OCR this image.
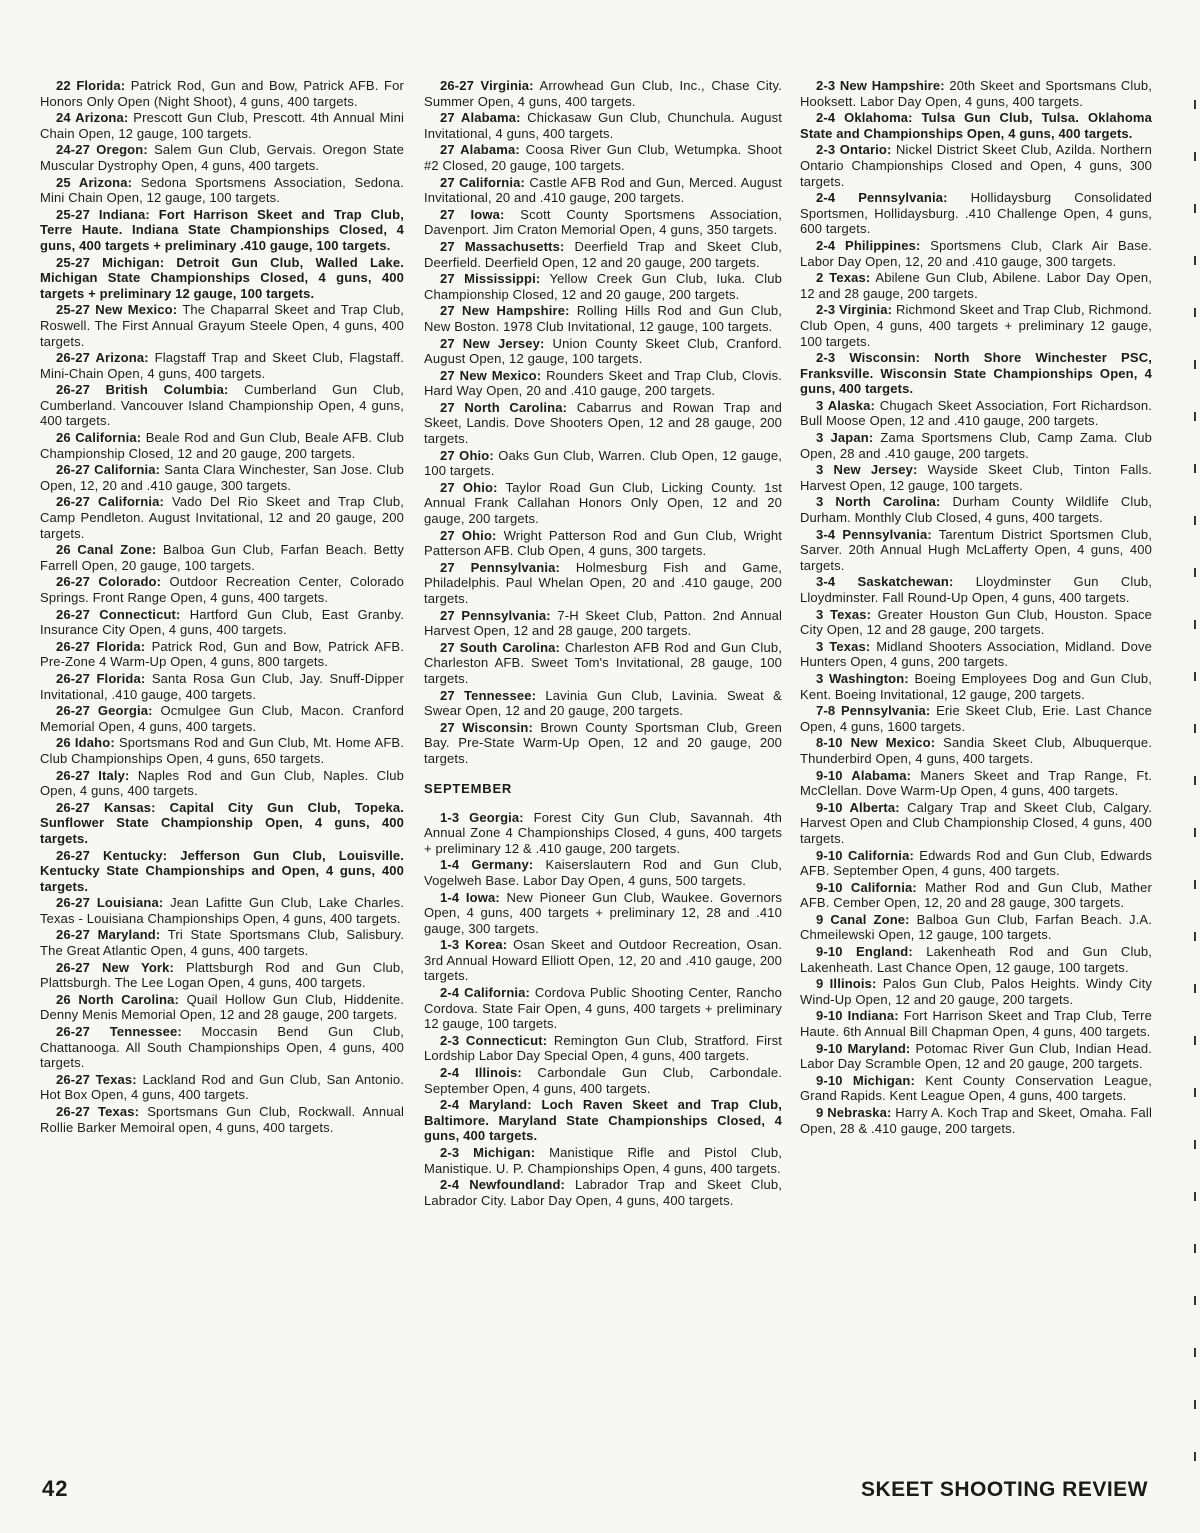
22 Florida: Patrick Rod, Gun and Bow, Patrick AFB. For Honors Only Open (Night Shoot), 4 guns, 400 targets.

24 Arizona: Prescott Gun Club, Prescott. 4th Annual Mini Chain Open, 12 gauge, 100 targets.

24-27 Oregon: Salem Gun Club, Gervais. Oregon State Muscular Dystrophy Open, 4 guns, 400 targets.

25 Arizona: Sedona Sportsmens Association, Sedona. Mini Chain Open, 12 gauge, 100 targets.

25-27 Indiana: Fort Harrison Skeet and Trap Club, Terre Haute. Indiana State Championships Closed, 4 guns, 400 targets + preliminary .410 gauge, 100 targets.

25-27 Michigan: Detroit Gun Club, Walled Lake. Michigan State Championships Closed, 4 guns, 400 targets + preliminary 12 gauge, 100 targets.

25-27 New Mexico: The Chaparral Skeet and Trap Club, Roswell. The First Annual Grayum Steele Open, 4 guns, 400 targets.

26-27 Arizona: Flagstaff Trap and Skeet Club, Flagstaff. Mini-Chain Open, 4 guns, 400 targets.

26-27 British Columbia: Cumberland Gun Club, Cumberland. Vancouver Island Championship Open, 4 guns, 400 targets.

26 California: Beale Rod and Gun Club, Beale AFB. Club Championship Closed, 12 and 20 gauge, 200 targets.

26-27 California: Santa Clara Winchester, San Jose. Club Open, 12, 20 and .410 gauge, 300 targets.

26-27 California: Vado Del Rio Skeet and Trap Club, Camp Pendleton. August Invitational, 12 and 20 gauge, 200 targets.

26 Canal Zone: Balboa Gun Club, Farfan Beach. Betty Farrell Open, 20 gauge, 100 targets.

26-27 Colorado: Outdoor Recreation Center, Colorado Springs. Front Range Open, 4 guns, 400 targets.

26-27 Connecticut: Hartford Gun Club, East Granby. Insurance City Open, 4 guns, 400 targets.

26-27 Florida: Patrick Rod, Gun and Bow, Patrick AFB. Pre-Zone 4 Warm-Up Open, 4 guns, 800 targets.

26-27 Florida: Santa Rosa Gun Club, Jay. Snuff-Dipper Invitational, .410 gauge, 400 targets.

26-27 Georgia: Ocmulgee Gun Club, Macon. Cranford Memorial Open, 4 guns, 400 targets.

26 Idaho: Sportsmans Rod and Gun Club, Mt. Home AFB. Club Championships Open, 4 guns, 650 targets.

26-27 Italy: Naples Rod and Gun Club, Naples. Club Open, 4 guns, 400 targets.

26-27 Kansas: Capital City Gun Club, Topeka. Sunflower State Championship Open, 4 guns, 400 targets.

26-27 Kentucky: Jefferson Gun Club, Louisville. Kentucky State Championships and Open, 4 guns, 400 targets.

26-27 Louisiana: Jean Lafitte Gun Club, Lake Charles. Texas - Louisiana Championships Open, 4 guns, 400 targets.

26-27 Maryland: Tri State Sportsmans Club, Salisbury. The Great Atlantic Open, 4 guns, 400 targets.

26-27 New York: Plattsburgh Rod and Gun Club, Plattsburgh. The Lee Logan Open, 4 guns, 400 targets.

26 North Carolina: Quail Hollow Gun Club, Hiddenite. Denny Menis Memorial Open, 12 and 28 gauge, 200 targets.

26-27 Tennessee: Moccasin Bend Gun Club, Chattanooga. All South Championships Open, 4 guns, 400 targets.

26-27 Texas: Lackland Rod and Gun Club, San Antonio. Hot Box Open, 4 guns, 400 targets.

26-27 Texas: Sportsmans Gun Club, Rockwall. Annual Rollie Barker Memoiral open, 4 guns, 400 targets.

26-27 Virginia: Arrowhead Gun Club, Inc., Chase City. Summer Open, 4 guns, 400 targets.

27 Alabama: Chickasaw Gun Club, Chunchula. August Invitational, 4 guns, 400 targets.

27 Alabama: Coosa River Gun Club, Wetumpka. Shoot #2 Closed, 20 gauge, 100 targets.

27 California: Castle AFB Rod and Gun, Merced. August Invitational, 20 and .410 gauge, 200 targets.

27 Iowa: Scott County Sportsmens Association, Davenport. Jim Craton Memorial Open, 4 guns, 350 targets.

27 Massachusetts: Deerfield Trap and Skeet Club, Deerfield. Deerfield Open, 12 and 20 gauge, 200 targets.

27 Mississippi: Yellow Creek Gun Club, Iuka. Club Championship Closed, 12 and 20 gauge, 200 targets.

27 New Hampshire: Rolling Hills Rod and Gun Club, New Boston. 1978 Club Invitational, 12 gauge, 100 targets.

27 New Jersey: Union County Skeet Club, Cranford. August Open, 12 gauge, 100 targets.

27 New Mexico: Rounders Skeet and Trap Club, Clovis. Hard Way Open, 20 and .410 gauge, 200 targets.

27 North Carolina: Cabarrus and Rowan Trap and Skeet, Landis. Dove Shooters Open, 12 and 28 gauge, 200 targets.

27 Ohio: Oaks Gun Club, Warren. Club Open, 12 gauge, 100 targets.

27 Ohio: Taylor Road Gun Club, Licking County. 1st Annual Frank Callahan Honors Only Open, 12 and 20 gauge, 200 targets.

27 Ohio: Wright Patterson Rod and Gun Club, Wright Patterson AFB. Club Open, 4 guns, 300 targets.

27 Pennsylvania: Holmesburg Fish and Game, Philadelphis. Paul Whelan Open, 20 and .410 gauge, 200 targets.

27 Pennsylvania: 7-H Skeet Club, Patton. 2nd Annual Harvest Open, 12 and 28 gauge, 200 targets.

27 South Carolina: Charleston AFB Rod and Gun Club, Charleston AFB. Sweet Tom's Invitational, 28 gauge, 100 targets.

27 Tennessee: Lavinia Gun Club, Lavinia. Sweat & Swear Open, 12 and 20 gauge, 200 targets.

27 Wisconsin: Brown County Sportsman Club, Green Bay. Pre-State Warm-Up Open, 12 and 20 gauge, 200 targets.

SEPTEMBER

1-3 Georgia: Forest City Gun Club, Savannah. 4th Annual Zone 4 Championships Closed, 4 guns, 400 targets + preliminary 12 & .410 gauge, 200 targets.

1-4 Germany: Kaiserslautern Rod and Gun Club, Vogelweh Base. Labor Day Open, 4 guns, 500 targets.

1-4 Iowa: New Pioneer Gun Club, Waukee. Governors Open, 4 guns, 400 targets + preliminary 12, 28 and .410 gauge, 300 targets.

1-3 Korea: Osan Skeet and Outdoor Recreation, Osan. 3rd Annual Howard Elliott Open, 12, 20 and .410 gauge, 200 targets.

2-4 California: Cordova Public Shooting Center, Rancho Cordova. State Fair Open, 4 guns, 400 targets + preliminary 12 gauge, 100 targets.

2-3 Connecticut: Remington Gun Club, Stratford. First Lordship Labor Day Special Open, 4 guns, 400 targets.

2-4 Illinois: Carbondale Gun Club, Carbondale. September Open, 4 guns, 400 targets.

2-4 Maryland: Loch Raven Skeet and Trap Club, Baltimore. Maryland State Championships Closed, 4 guns, 400 targets.

2-3 Michigan: Manistique Rifle and Pistol Club, Manistique. U. P. Championships Open, 4 guns, 400 targets.

2-4 Newfoundland: Labrador Trap and Skeet Club, Labrador City. Labor Day Open, 4 guns, 400 targets.

2-3 New Hampshire: 20th Skeet and Sportsmans Club, Hooksett. Labor Day Open, 4 guns, 400 targets.

2-4 Oklahoma: Tulsa Gun Club, Tulsa. Oklahoma State and Championships Open, 4 guns, 400 targets.

2-3 Ontario: Nickel District Skeet Club, Azilda. Northern Ontario Championships Closed and Open, 4 guns, 300 targets.

2-4 Pennsylvania: Hollidaysburg Consolidated Sportsmen, Hollidaysburg. .410 Challenge Open, 4 guns, 600 targets.

2-4 Philippines: Sportsmens Club, Clark Air Base. Labor Day Open, 12, 20 and .410 gauge, 300 targets.

2 Texas: Abilene Gun Club, Abilene. Labor Day Open, 12 and 28 gauge, 200 targets.

2-3 Virginia: Richmond Skeet and Trap Club, Richmond. Club Open, 4 guns, 400 targets + preliminary 12 gauge, 100 targets.

2-3 Wisconsin: North Shore Winchester PSC, Franksville. Wisconsin State Championships Open, 4 guns, 400 targets.

3 Alaska: Chugach Skeet Association, Fort Richardson. Bull Moose Open, 12 and .410 gauge, 200 targets.

3 Japan: Zama Sportsmens Club, Camp Zama. Club Open, 28 and .410 gauge, 200 targets.

3 New Jersey: Wayside Skeet Club, Tinton Falls. Harvest Open, 12 gauge, 100 targets.

3 North Carolina: Durham County Wildlife Club, Durham. Monthly Club Closed, 4 guns, 400 targets.

3-4 Pennsylvania: Tarentum District Sportsmen Club, Sarver. 20th Annual Hugh McLafferty Open, 4 guns, 400 targets.

3-4 Saskatchewan: Lloydminster Gun Club, Lloydminster. Fall Round-Up Open, 4 guns, 400 targets.

3 Texas: Greater Houston Gun Club, Houston. Space City Open, 12 and 28 gauge, 200 targets.

3 Texas: Midland Shooters Association, Midland. Dove Hunters Open, 4 guns, 200 targets.

3 Washington: Boeing Employees Dog and Gun Club, Kent. Boeing Invitational, 12 gauge, 200 targets.

7-8 Pennsylvania: Erie Skeet Club, Erie. Last Chance Open, 4 guns, 1600 targets.

8-10 New Mexico: Sandia Skeet Club, Albuquerque. Thunderbird Open, 4 guns, 400 targets.

9-10 Alabama: Maners Skeet and Trap Range, Ft. McClellan. Dove Warm-Up Open, 4 guns, 400 targets.

9-10 Alberta: Calgary Trap and Skeet Club, Calgary. Harvest Open and Club Championship Closed, 4 guns, 400 targets.

9-10 California: Edwards Rod and Gun Club, Edwards AFB. September Open, 4 guns, 400 targets.

9-10 California: Mather Rod and Gun Club, Mather AFB. Cember Open, 12, 20 and 28 gauge, 300 targets.

9 Canal Zone: Balboa Gun Club, Farfan Beach. J.A. Chmeilewski Open, 12 gauge, 100 targets.

9-10 England: Lakenheath Rod and Gun Club, Lakenheath. Last Chance Open, 12 gauge, 100 targets.

9 Illinois: Palos Gun Club, Palos Heights. Windy City Wind-Up Open, 12 and 20 gauge, 200 targets.

9-10 Indiana: Fort Harrison Skeet and Trap Club, Terre Haute. 6th Annual Bill Chapman Open, 4 guns, 400 targets.

9-10 Maryland: Potomac River Gun Club, Indian Head. Labor Day Scramble Open, 12 and 20 gauge, 200 targets.

9-10 Michigan: Kent County Conservation League, Grand Rapids. Kent League Open, 4 guns, 400 targets.

9 Nebraska: Harry A. Koch Trap and Skeet, Omaha. Fall Open, 28 & .410 gauge, 200 targets.

42	SKEET SHOOTING REVIEW
